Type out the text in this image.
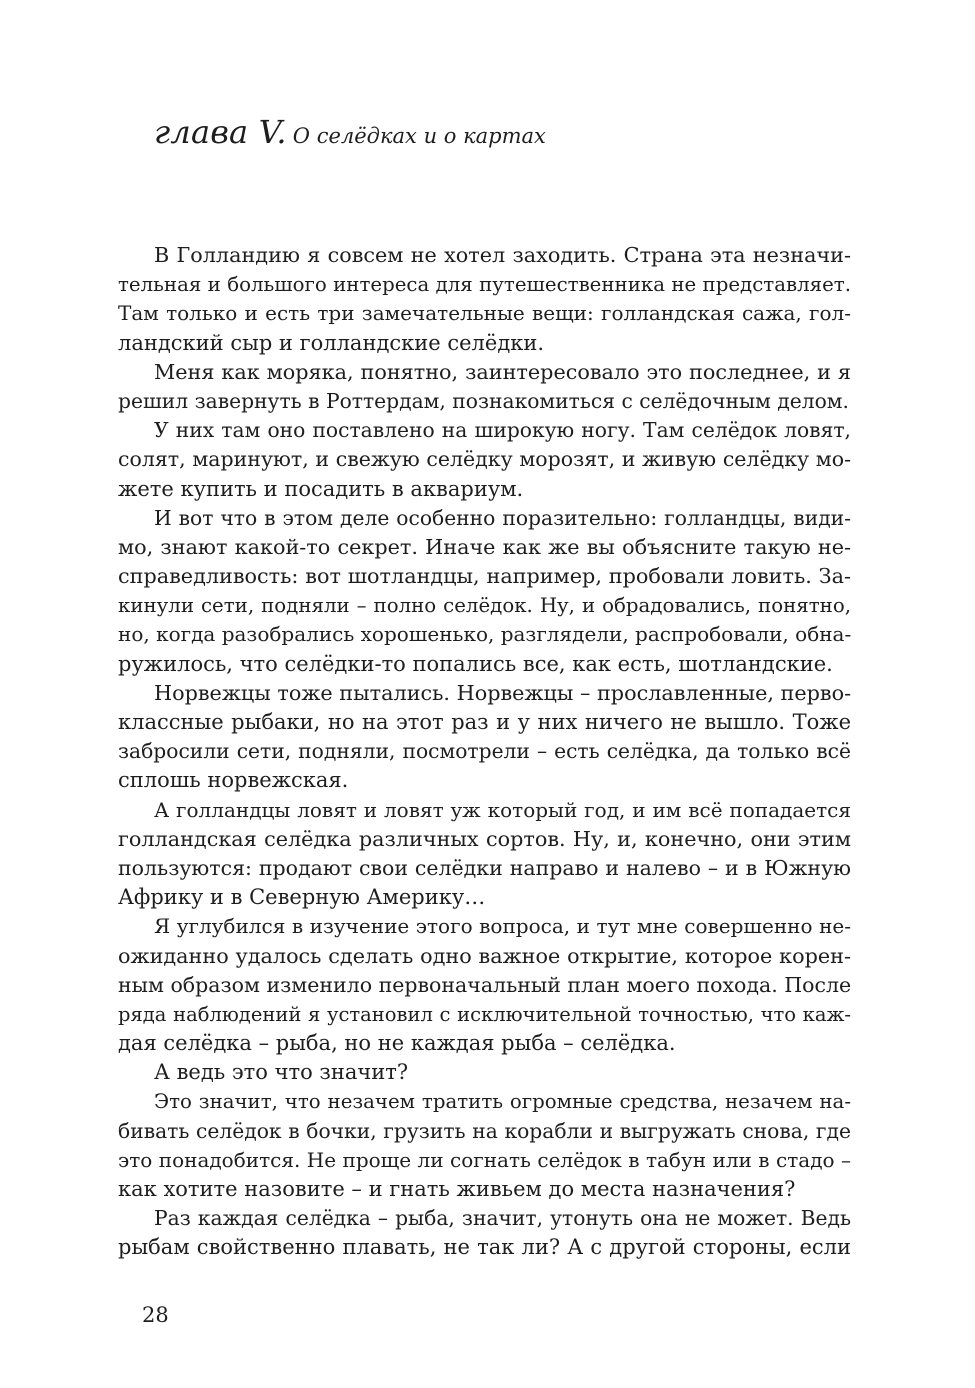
глава V. О селёдках и о картах
В Голландию я совсем не хотел заходить. Страна эта незначи-
тельная и большого интереса для путешественника не представляет.
Там только и есть три замечательные вещи: голландская сажа, гол-
ландский сыр и голландские селёдки.
Меня как моряка, понятно, заинтересовало это последнее, и я
решил завернуть в Роттердам, познакомиться с селёдочным делом.
У них там оно поставлено на широкую ногу. Там селёдок ловят,
солят, маринуют, и свежую селёдку морозят, и живую селёдку мо-
жете купить и посадить в аквариум.
И вот что в этом деле особенно поразительно: голландцы, види-
мо, знают какой-то секрет. Иначе как же вы объясните такую не-
справедливость: вот шотландцы, например, пробовали ловить. За-
кинули сети, подняли – полно селёдок. Ну, и обрадовались, понятно,
но, когда разобрались хорошенько, разглядели, распробовали, обна-
ружилось, что селёдки-то попались все, как есть, шотландские.
Норвежцы тоже пытались. Норвежцы – прославленные, перво-
классные рыбаки, но на этот раз и у них ничего не вышло. Тоже
забросили сети, подняли, посмотрели – есть селёдка, да только всё
сплошь норвежская.
А голландцы ловят и ловят уж который год, и им всё попадается
голландская селёдка различных сортов. Ну, и, конечно, они этим
пользуются: продают свои селёдки направо и налево – и в Южную
Африку и в Северную Америку…
Я углубился в изучение этого вопроса, и тут мне совершенно не-
ожиданно удалось сделать одно важное открытие, которое корен-
ным образом изменило первоначальный план моего похода. После
ряда наблюдений я установил с исключительной точностью, что каж-
дая селёдка – рыба, но не каждая рыба – селёдка.
А ведь это что значит?
Это значит, что незачем тратить огромные средства, незачем на-
бивать селёдок в бочки, грузить на корабли и выгружать снова, где
это понадобится. Не проще ли согнать селёдок в табун или в стадо –
как хотите назовите – и гнать живьем до места назначения?
Раз каждая селёдка – рыба, значит, утонуть она не может. Ведь
рыбам свойственно плавать, не так ли? А с другой стороны, если
28
